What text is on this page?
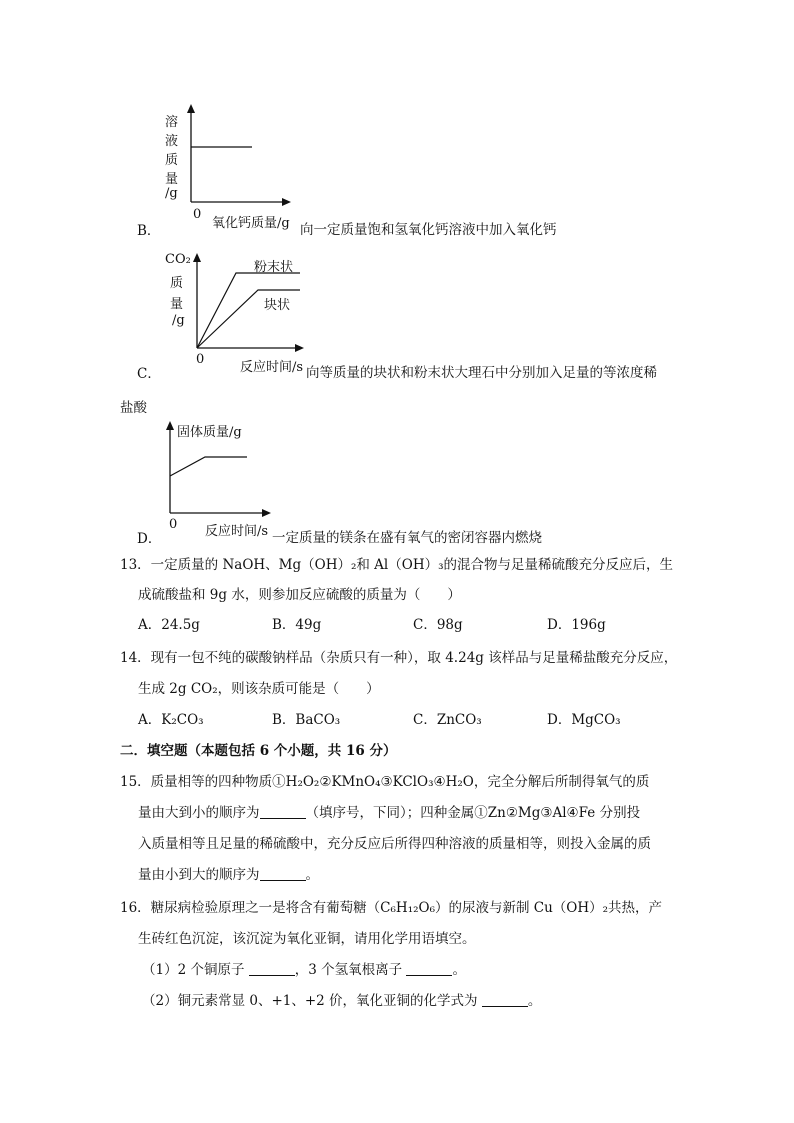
溶
液
质
量
/g
0
氧化钙质量/g
B．	向一定质量饱和氢氧化钙溶液中加入氧化钙
CO₂
质
量
/g
粉末状
块状
0
反应时间/s
C．	向等质量的块状和粉末状大理石中分别加入足量的等浓度稀
盐酸
固体质量/g
0 反应时间/s
D．	一定质量的镁条在盛有氧气的密闭容器内燃烧
13．一定质量的 NaOH、Mg（OH）₂和 Al（OH）₃的混合物与足量稀硫酸充分反应后，生
成硫酸盐和 9g 水，则参加反应硫酸的质量为（　　）
A．24.5g	B．49g	C．98g	D．196g
14．现有一包不纯的碳酸钠样品（杂质只有一种），取 4.24g 该样品与足量稀盐酸充分反应，
生成 2g CO₂，则该杂质可能是（　　）
A．K₂CO₃	B．BaCO₃	C．ZnCO₃	D．MgCO₃
二．填空题（本题包括 6 个小题，共 16 分）
15．质量相等的四种物质①H₂O₂②KMnO₄③KClO₃④H₂O，完全分解后所制得氧气的质
量由大到小的顺序为	（填序号，下同）；四种金属①Zn②Mg③Al④Fe 分别投
入质量相等且足量的稀硫酸中，充分反应后所得四种溶液的质量相等，则投入金属的质
量由小到大的顺序为	。
16．糖尿病检验原理之一是将含有葡萄糖（C₆H₁₂O₆）的尿液与新制 Cu（OH）₂共热，产
生砖红色沉淀，该沉淀为氧化亚铜，请用化学用语填空。
（1）2 个铜原子	，3 个氢氧根离子	。
（2）铜元素常显 0、+1、+2 价，氧化亚铜的化学式为	。
